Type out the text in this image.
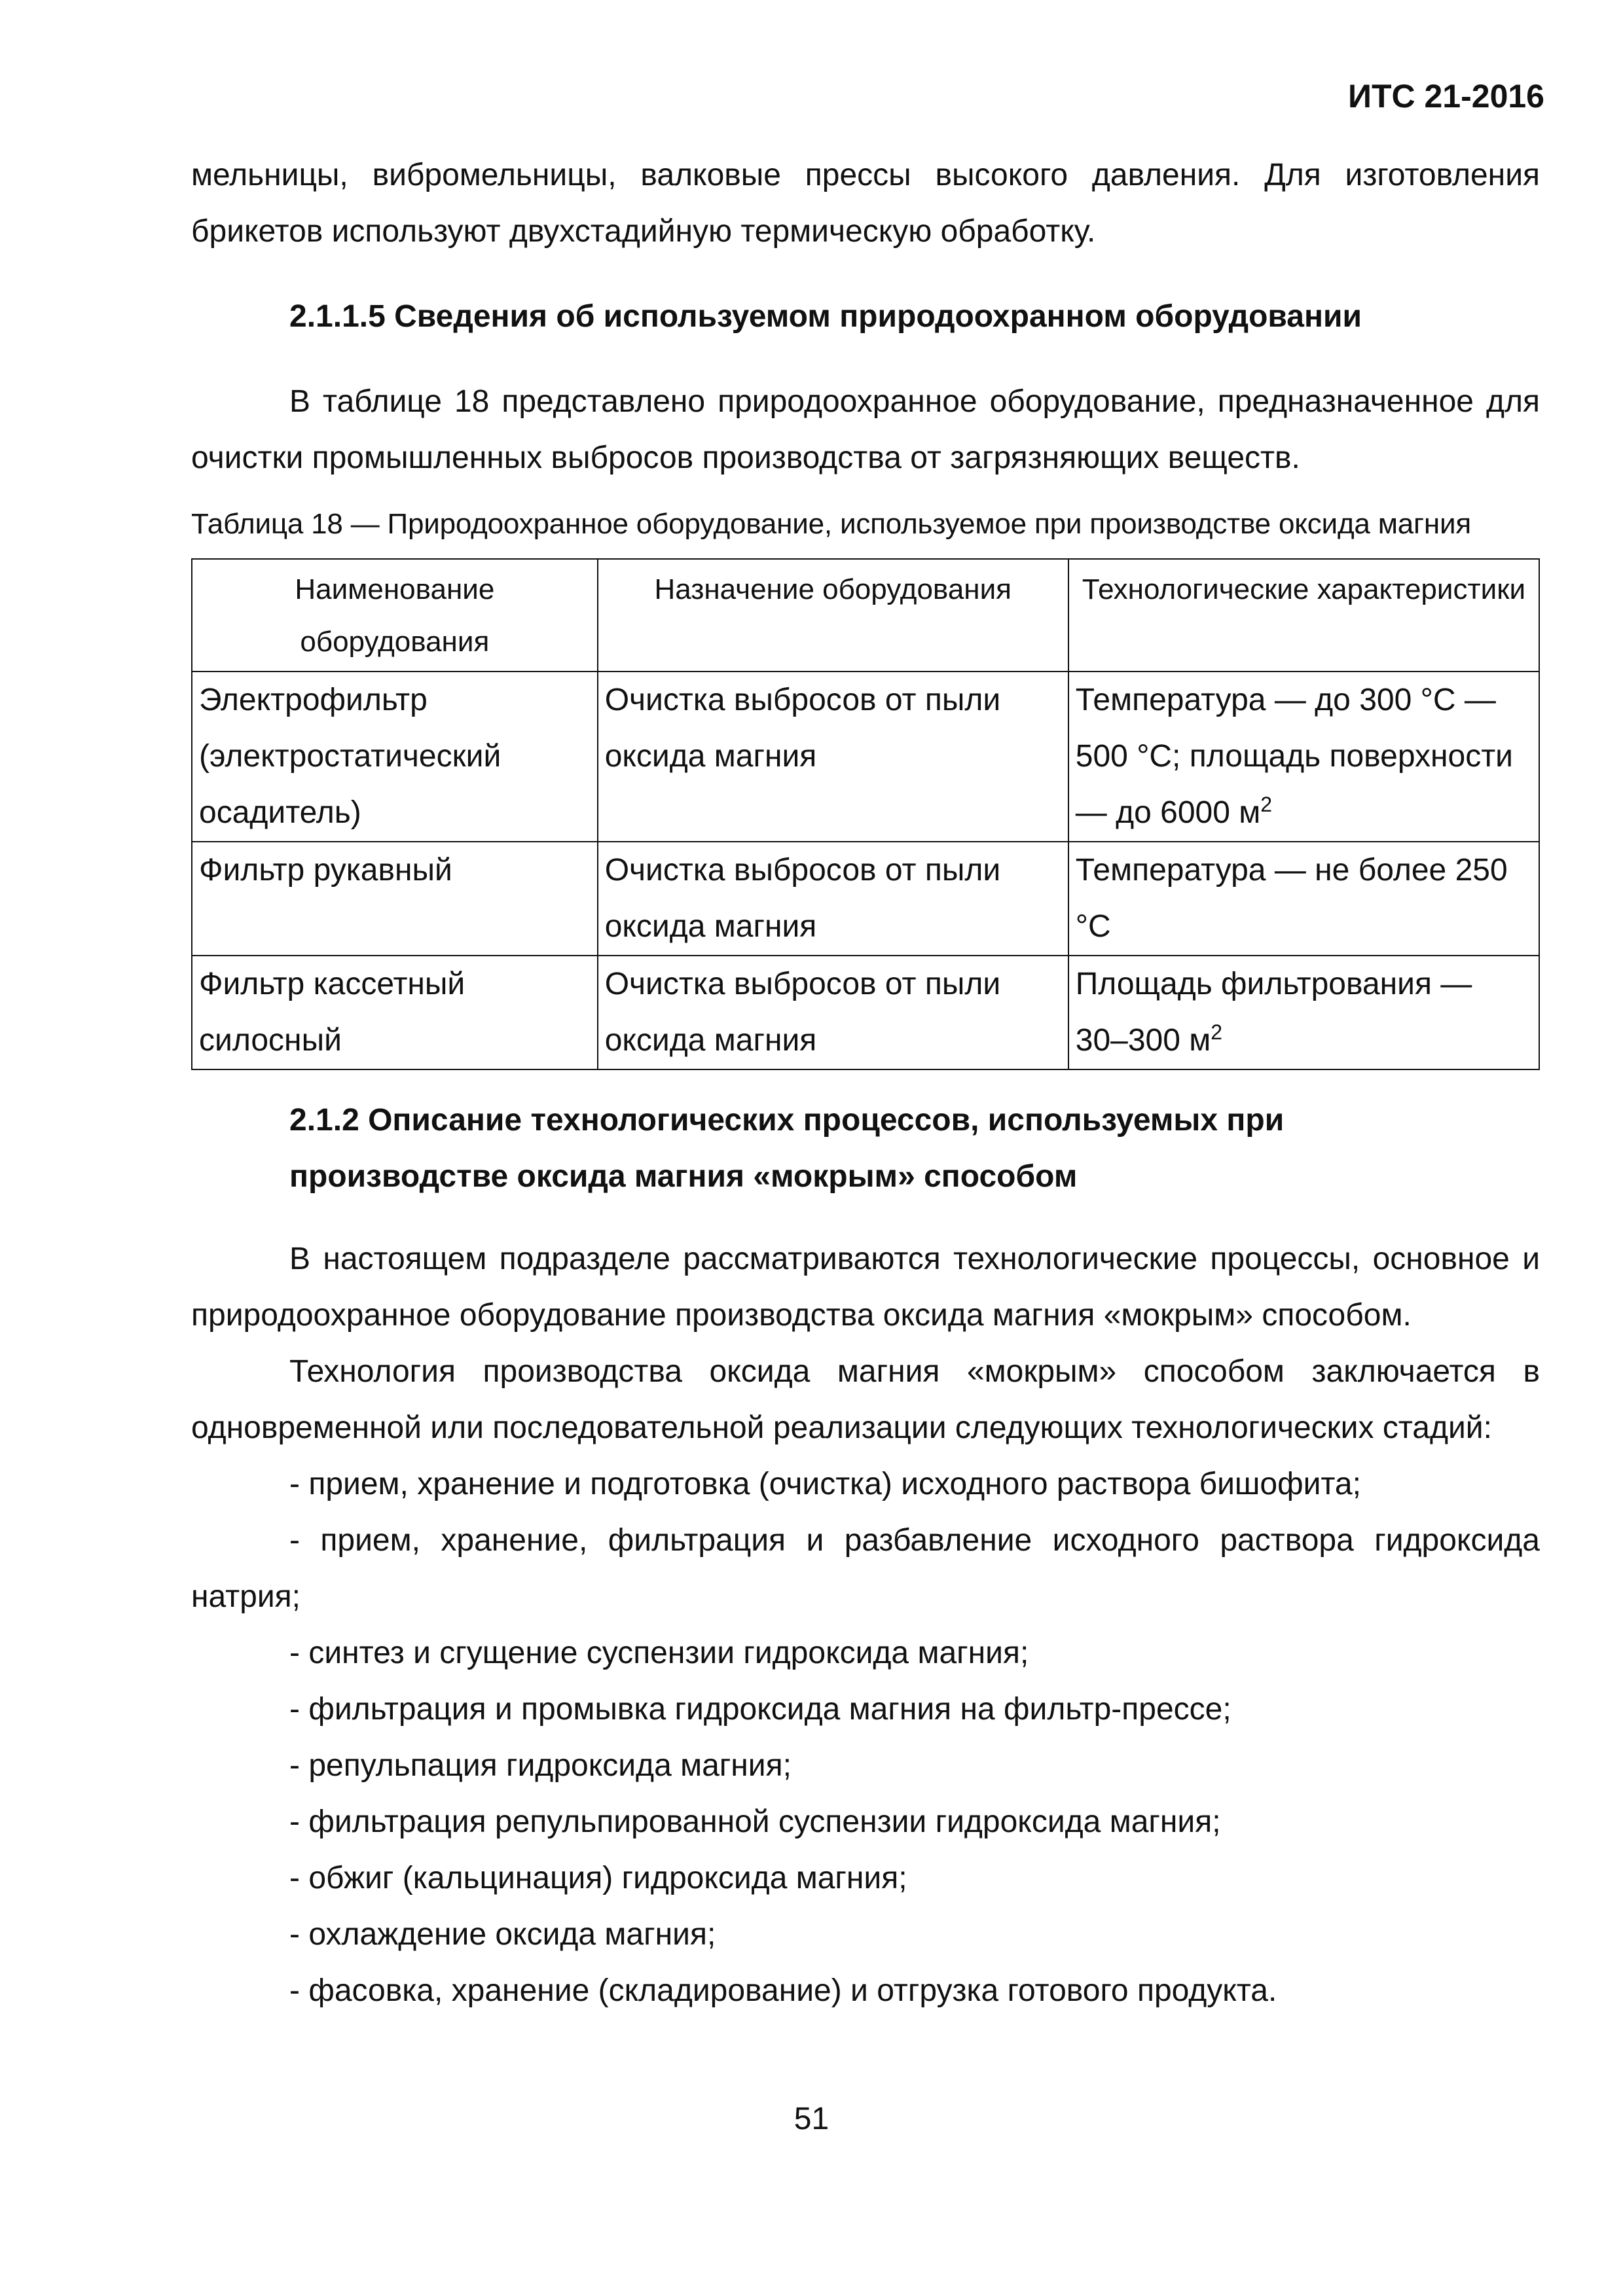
ИТС 21-2016

мельницы, вибромельницы, валковые прессы высокого давления. Для изготовления брикетов используют двухстадийную термическую обработку.

2.1.1.5 Сведения об используемом природоохранном оборудовании

В таблице 18 представлено природоохранное оборудование, предназначенное для очистки промышленных выбросов производства от загрязняющих веществ.

Таблица 18 — Природоохранное оборудование, используемое при производстве оксида магния

Наименование оборудования	Назначение оборудования	Технологические характеристики
Электрофильтр (электростатический осадитель)	Очистка выбросов от пыли оксида магния	Температура — до 300 °С — 500 °С; площадь поверхности — до 6000 $м^2$
Фильтр рукавный	Очистка выбросов от пыли оксида магния	Температура — не более 250 °С
Фильтр кассетный силосный	Очистка выбросов от пыли оксида магния	Площадь фильтрования — 30–300 $м^2$

2.1.2 Описание технологических процессов, используемых при производстве оксида магния «мокрым» способом

В настоящем подразделе рассматриваются технологические процессы, основное и природоохранное оборудование производства оксида магния «мокрым» способом.

Технология производства оксида магния «мокрым» способом заключается в одновременной или последовательной реализации следующих технологических стадий:

- прием, хранение и подготовка (очистка) исходного раствора бишофита;

- прием, хранение, фильтрация и разбавление исходного раствора гидроксида натрия;

- синтез и сгущение суспензии гидроксида магния;

- фильтрация и промывка гидроксида магния на фильтр-прессе;

- репульпация гидроксида магния;

- фильтрация репульпированной суспензии гидроксида магния;

- обжиг (кальцинация) гидроксида магния;

- охлаждение оксида магния;

- фасовка, хранение (складирование) и отгрузка готового продукта.

51
